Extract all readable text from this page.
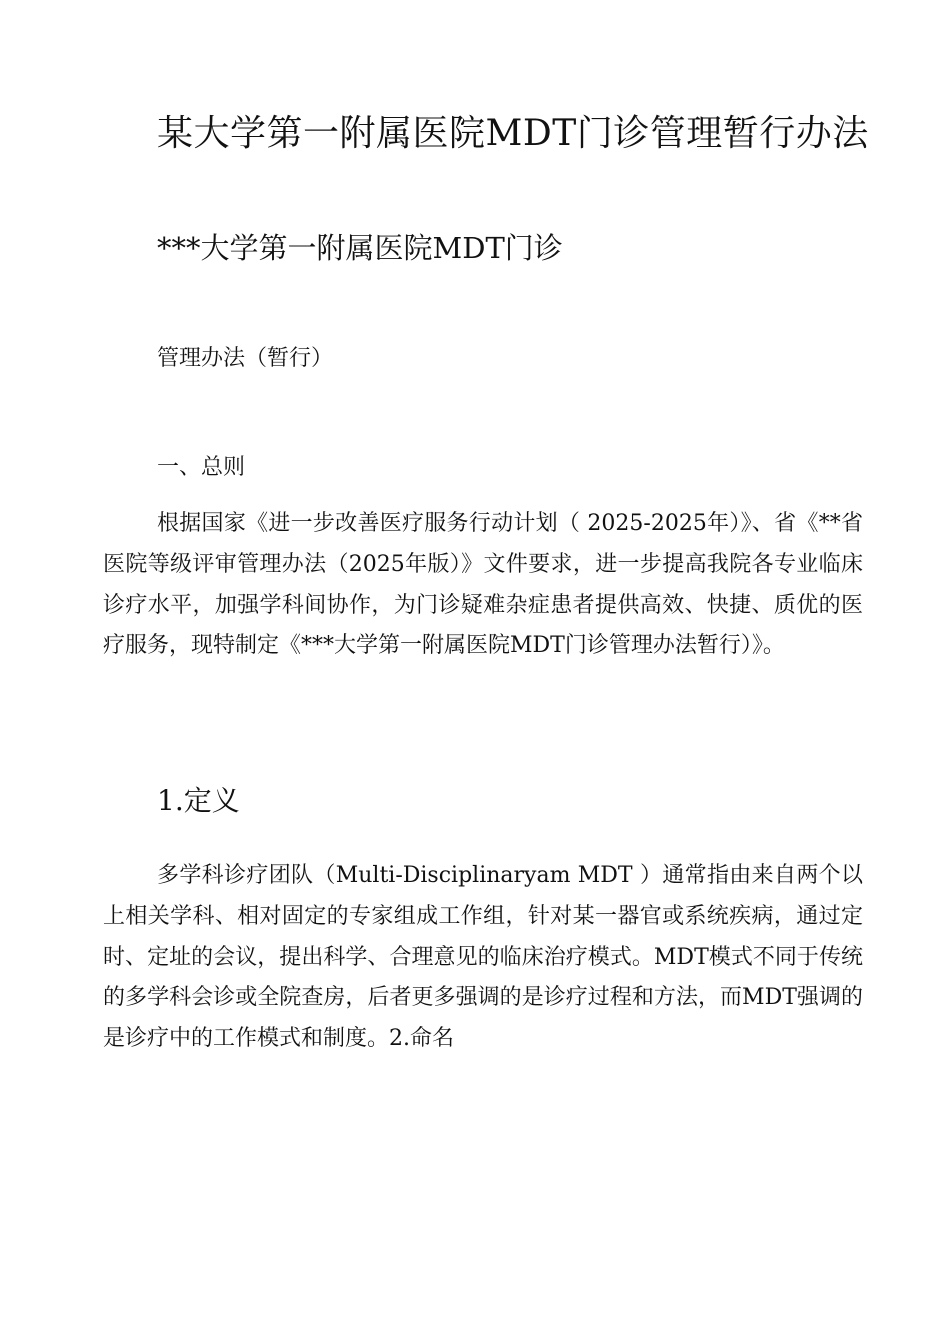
某大学第一附属医院MDT门诊管理暂行办法
***大学第一附属医院MDT门诊
管理办法（暂行）
一、总则

根据国家《进一步改善医疗服务行动计划（ 2025-2025年）》、省《**省医院等级评审管理办法（2025年版）》文件要求，进一步提高我院各专业临床诊疗水平，加强学科间协作，为门诊疑难杂症患者提供高效、快捷、质优的医疗服务，现特制定《***大学第一附属医院MDT门诊管理办法暂行）》。

1.定义

多学科诊疗团队（Multi-Disciplinaryam MDT ）通常指由来自两个以上相关学科、相对固定的专家组成工作组，针对某一器官或系统疾病，通过定时、定址的会议，提出科学、合理意见的临床治疗模式。MDT模式不同于传统的多学科会诊或全院查房，后者更多强调的是诊疗过程和方法，而MDT强调的是诊疗中的工作模式和制度。2.命名
